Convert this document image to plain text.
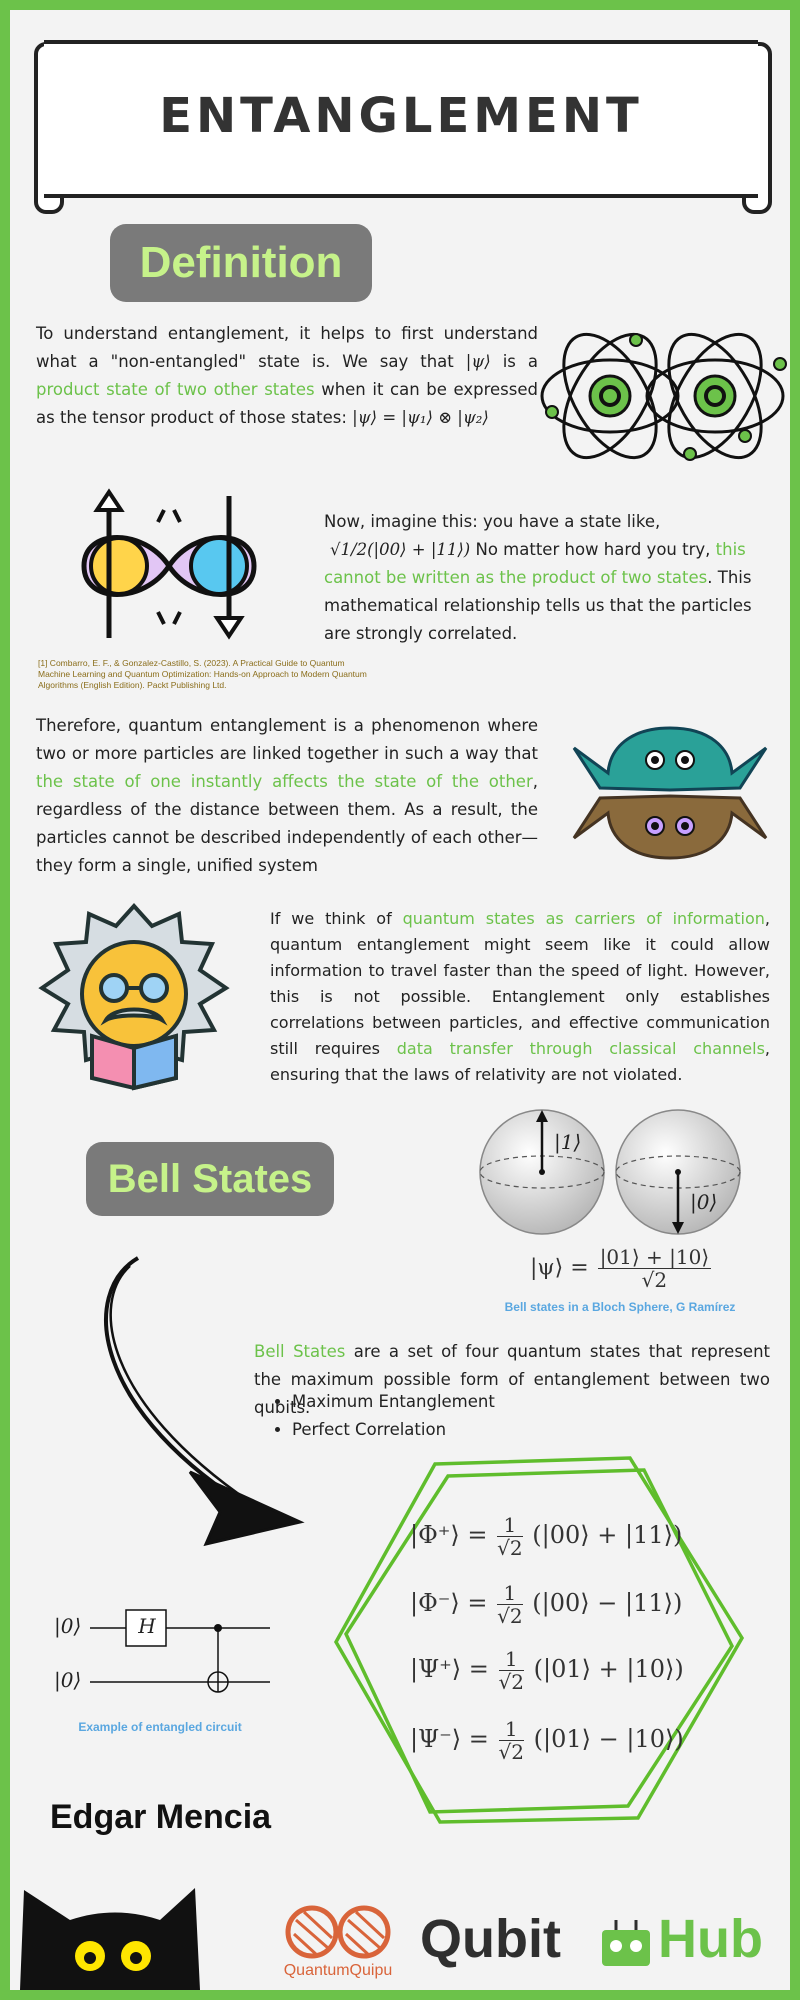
ENTANGLEMENT
Definition
To understand entanglement, it helps to first understand what a "non-entangled" state is. We say that |ψ⟩ is a product state of two other states when it can be expressed as the tensor product of those states: |ψ⟩ = |ψ₁⟩ ⊗ |ψ₂⟩
Now, imagine this: you have a state like,
√1/2(|00⟩ + |11⟩) No matter how hard you try, this cannot be written as the product of two states. This mathematical relationship tells us that the particles are strongly correlated.
[1] Combarro, E. F., & Gonzalez-Castillo, S. (2023). A Practical Guide to Quantum Machine Learning and Quantum Optimization: Hands-on Approach to Modern Quantum Algorithms (English Edition). Packt Publishing Ltd.
Therefore, quantum entanglement is a phenomenon where two or more particles are linked together in such a way that the state of one instantly affects the state of the other, regardless of the distance between them. As a result, the particles cannot be described independently of each other—they form a single, unified system
If we think of quantum states as carriers of information, quantum entanglement might seem like it could allow information to travel faster than the speed of light. However, this is not possible. Entanglement only establishes correlations between particles, and effective communication still requires data transfer through classical channels, ensuring that the laws of relativity are not violated.
Bell States
|1⟩
|0⟩
|ψ⟩ = $\frac{|01⟩ + |10⟩}{√2}$
Bell states in a Bloch Sphere, G Ramírez
Bell States are a set of four quantum states that represent the maximum possible form of entanglement between two qubits.
• Maximum Entanglement
• Perfect Correlation
|Φ⁺⟩ = $\frac{1}{√2}$ (|00⟩ + |11⟩)
|Φ⁻⟩ = $\frac{1}{√2}$ (|00⟩ − |11⟩)
|Ψ⁺⟩ = $\frac{1}{√2}$ (|01⟩ + |10⟩)
|Ψ⁻⟩ = $\frac{1}{√2}$ (|01⟩ − |10⟩)
|0⟩
|0⟩
H
Example of entangled circuit
Edgar Mencia
QuantumQuipu
Qubit Hub
